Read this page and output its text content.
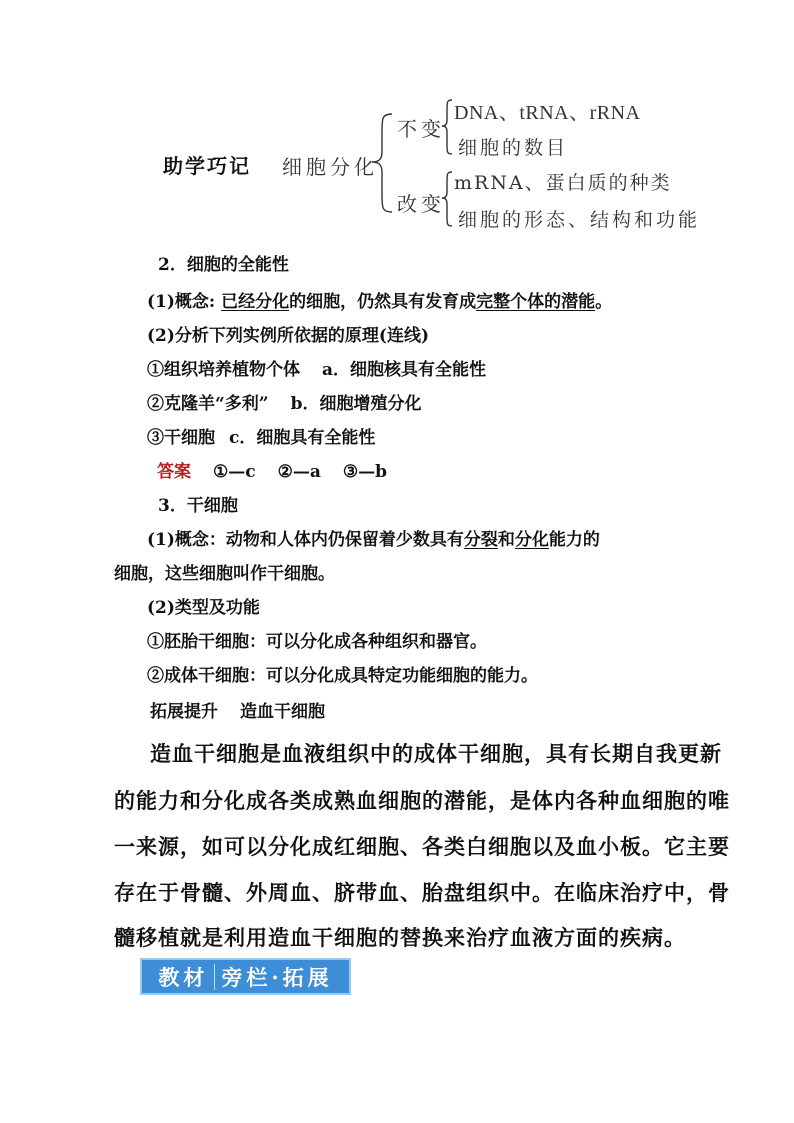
助学巧记 细胞分化
不变
DNA、tRNA、rRNA
细胞的数目
改变
mRNA、蛋白质的种类
细胞的形态、结构和功能
2．细胞的全能性
(1)概念: 已经分化的细胞，仍然具有发育成完整个体的潜能。
(2)分析下列实例所依据的原理(连线)
①组织培养植物个体 a．细胞核具有全能性
②克隆羊“多利” b．细胞增殖分化
③干细胞 c．细胞具有全能性
答案 ①—c ②—a ③—b
3．干细胞
(1)概念：动物和人体内仍保留着少数具有分裂和分化能力的
细胞，这些细胞叫作干细胞。
(2)类型及功能
①胚胎干细胞：可以分化成各种组织和器官。
②成体干细胞：可以分化成具特定功能细胞的能力。
拓展提升 造血干细胞
造血干细胞是血液组织中的成体干细胞，具有长期自我更新
的能力和分化成各类成熟血细胞的潜能，是体内各种血细胞的唯
一来源，如可以分化成红细胞、各类白细胞以及血小板。它主要
存在于骨髓、外周血、脐带血、胎盘组织中。在临床治疗中，骨
髓移植就是利用造血干细胞的替换来治疗血液方面的疾病。
教材 旁栏·拓展
